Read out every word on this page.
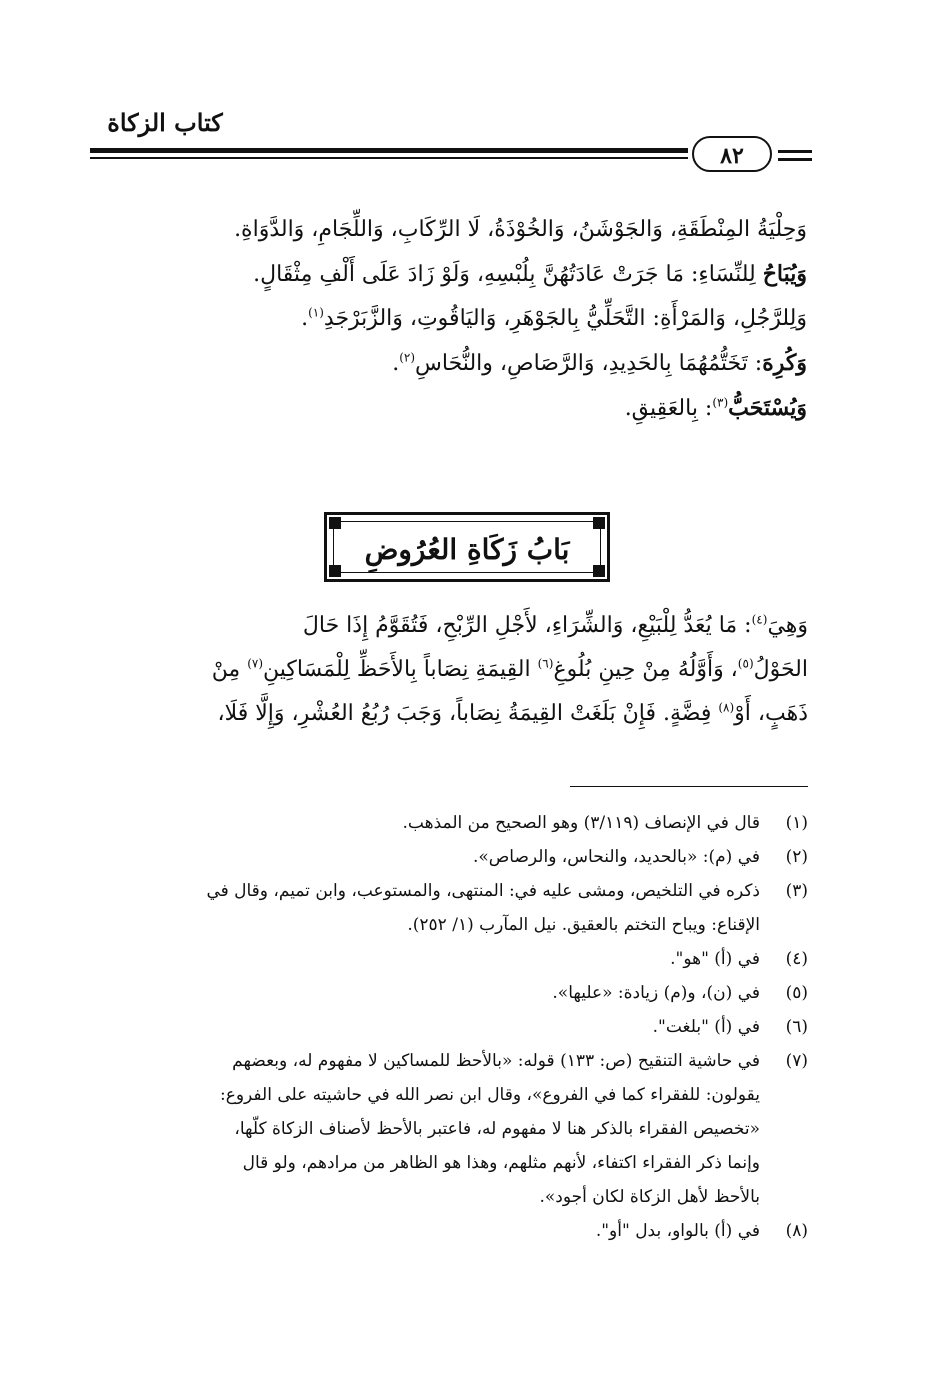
كتاب الزكاة
٨٢
وَحِلْيَةُ المِنْطَقَةِ، وَالجَوْشَنُ، وَالخُوْذَةُ، لَا الرِّكَابِ، وَاللِّجَامِ، وَالدَّوَاةِ.
وَيُبَاحُ لِلنِّسَاءِ: مَا جَرَتْ عَادَتُهُنَّ بِلُبْسِهِ، وَلَوْ زَادَ عَلَى أَلْفِ مِثْقَالٍ.
وَلِلرَّجُلِ، وَالمَرْأَةِ: التَّحَلِّيُّ بِالجَوْهَرِ، وَاليَاقُوتِ، وَالزَّبَرْجَدِ$^{(١)}$.
وَكُرِهَ: تَخَتُّمُهُمَا بِالحَدِيدِ، وَالرَّصَاصِ، والنُّحَاسِ$^{(٢)}$.
وَيُسْتَحَبُّ$^{(٣)}$: بِالعَقِيقِ.
بَابُ زَكَاةِ العُرُوضِ
وَهِيَ$^{(٤)}$: مَا يُعَدُّ لِلْبَيْعِ، وَالشِّرَاءِ، لأَجْلِ الرِّبْحِ، فَتُقَوَّمُ إِذَا حَالَ
الحَوْلُ$^{(٥)}$، وَأَوَّلُهُ مِنْ حِينِ بُلُوغِ$^{(٦)}$ القِيمَةِ نِصَاباً بِالأَحَظِّ لِلْمَسَاكِينِ$^{(٧)}$ مِنْ
ذَهَبٍ، أَوْ$^{(٨)}$ فِضَّةٍ. فَإِنْ بَلَغَتْ القِيمَةُ نِصَاباً، وَجَبَ رُبُعُ العُشْرِ، وَإِلَّا فَلَا،
(١)قال في الإنصاف (٣/١١٩) وهو الصحيح من المذهب.
(٢)في (م): «بالحديد، والنحاس، والرصاص».
(٣)ذكره في التلخيص، ومشى عليه في: المنتهى، والمستوعب، وابن تميم، وقال في
الإقناع: ويباح التختم بالعقيق. نيل المآرب (١/ ٢٥٢).
(٤)في (أ) "هو".
(٥)في (ن)، و(م) زيادة: «عليها».
(٦)في (أ) "بلغت".
(٧)في حاشية التنقيح (ص: ١٣٣) قوله: «بالأحظ للمساكين لا مفهوم له، وبعضهم
يقولون: للفقراء كما في الفروع»، وقال ابن نصر الله في حاشيته على الفروع:
«تخصيص الفقراء بالذكر هنا لا مفهوم له، فاعتبر بالأحظ لأصناف الزكاة كلّها،
وإنما ذكر الفقراء اكتفاء، لأنهم مثلهم، وهذا هو الظاهر من مرادهم، ولو قال
بالأحظ لأهل الزكاة لكان أجود».
(٨)في (أ) بالواو، بدل "أو".
